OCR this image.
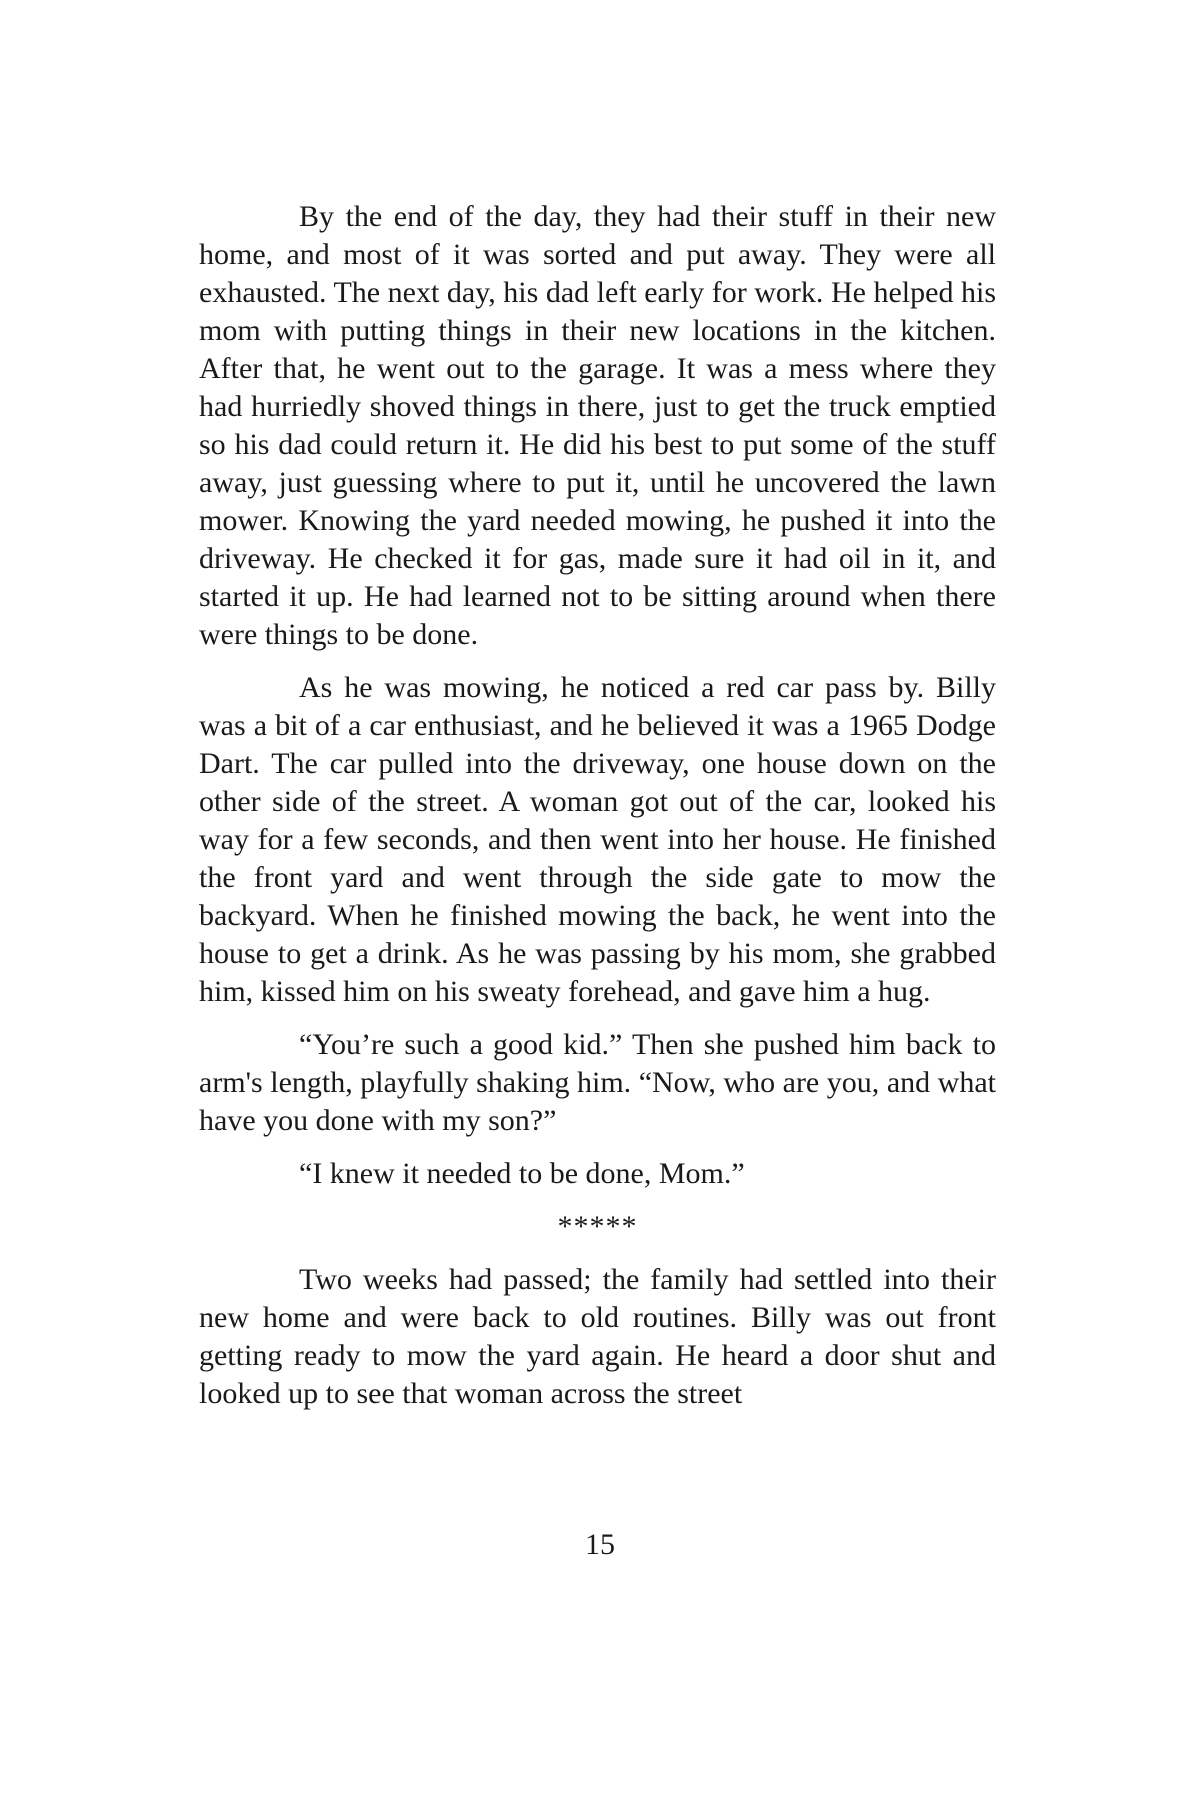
By the end of the day, they had their stuff in their new home, and most of it was sorted and put away. They were all exhausted. The next day, his dad left early for work. He helped his mom with putting things in their new locations in the kitchen. After that, he went out to the garage. It was a mess where they had hurriedly shoved things in there, just to get the truck emptied so his dad could return it. He did his best to put some of the stuff away, just guessing where to put it, until he uncovered the lawn mower. Knowing the yard needed mowing, he pushed it into the driveway. He checked it for gas, made sure it had oil in it, and started it up. He had learned not to be sitting around when there were things to be done.

As he was mowing, he noticed a red car pass by. Billy was a bit of a car enthusiast, and he believed it was a 1965 Dodge Dart. The car pulled into the driveway, one house down on the other side of the street. A woman got out of the car, looked his way for a few seconds, and then went into her house. He finished the front yard and went through the side gate to mow the backyard. When he finished mowing the back, he went into the house to get a drink. As he was passing by his mom, she grabbed him, kissed him on his sweaty forehead, and gave him a hug.

“You’re such a good kid.” Then she pushed him back to arm's length, playfully shaking him. “Now, who are you, and what have you done with my son?”

“I knew it needed to be done, Mom.”

*****

Two weeks had passed; the family had settled into their new home and were back to old routines. Billy was out front getting ready to mow the yard again. He heard a door shut and looked up to see that woman across the street

15
